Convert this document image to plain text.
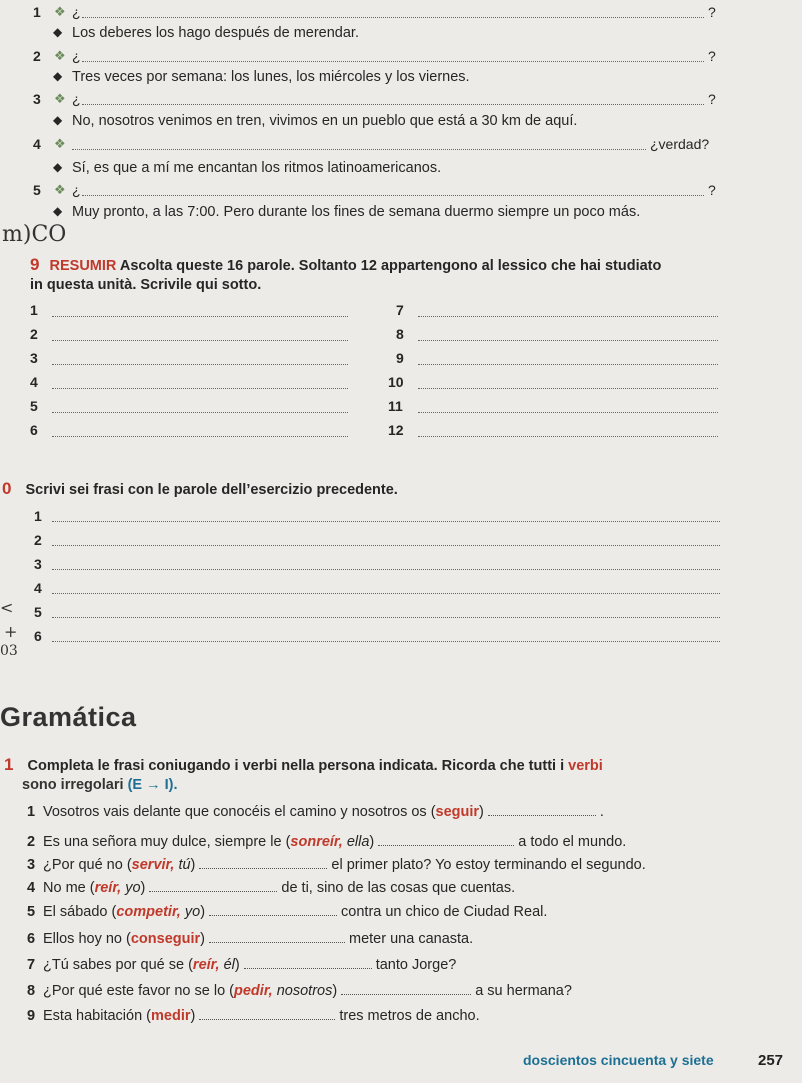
1 ❖ ¿	?
◆ Los deberes los hago después de merendar.
2 ❖ ¿	?
◆ Tres veces por semana: los lunes, los miércoles y los viernes.
3 ❖ ¿	?
◆ No, nosotros venimos en tren, vivimos en un pueblo que está a 30 km de aquí.
4 ❖	¿verdad?
◆ Sí, es que a mí me encantan los ritmos latinoamericanos.
5 ❖ ¿	?
◆ Muy pronto, a las 7:00. Pero durante los fines de semana duermo siempre un poco más.
m)CO
9 RESUMIR Ascolta queste 16 parole. Soltanto 12 appartengono al lessico che hai studiato
in questa unità. Scrivile qui sotto.
1
2
3
4
5
6
7
8
9
10
11
12
0 Scrivi sei frasi con le parole dell’esercizio precedente.
1
2
3
4
5
6
<
+
03
Gramática
1 Completa le frasi coniugando i verbi nella persona indicata. Ricorda che tutti i verbi
sono irregolari (E → I).
1 Vosotros vais delante que conocéis el camino y nosotros os (seguir)	.
2 Es una señora muy dulce, siempre le (sonreír, ella)	a todo el mundo.
3 ¿Por qué no (servir, tú)	el primer plato? Yo estoy terminando el segundo.
4 No me (reír, yo)	de ti, sino de las cosas que cuentas.
5 El sábado (competir, yo)	contra un chico de Ciudad Real.
6 Ellos hoy no (conseguir)	meter una canasta.
7 ¿Tú sabes por qué se (reír, él)	tanto Jorge?
8 ¿Por qué este favor no se lo (pedir, nosotros)	a su hermana?
9 Esta habitación (medir)	tres metros de ancho.
doscientos cincuenta y siete	257
